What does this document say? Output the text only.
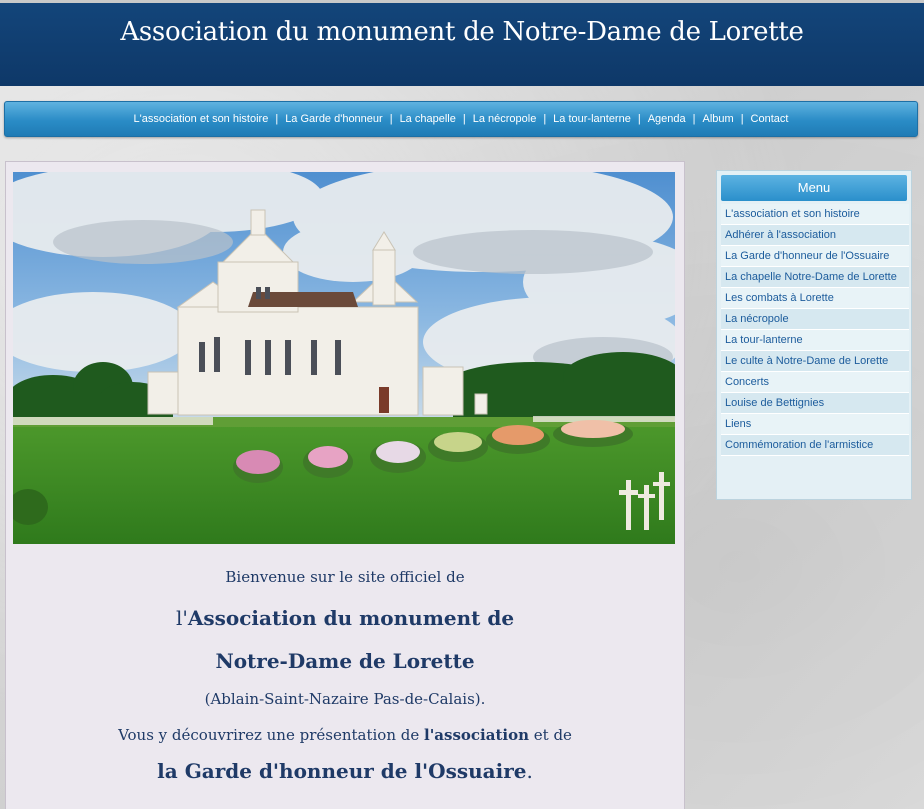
Association du monument de Notre-Dame de Lorette
L'association et son histoire | La Garde d'honneur | La chapelle | La nécropole | La tour-lanterne | Agenda | Album | Contact
Bienvenue sur le site officiel de
l'Association du monument de
Notre-Dame de Lorette
(Ablain-Saint-Nazaire Pas-de-Calais).
Vous y découvrirez une présentation de l'association et de
la Garde d'honneur de l'Ossuaire.
Menu
L'association et son histoire
Adhérer à l'association
La Garde d'honneur de l'Ossuaire
La chapelle Notre-Dame de Lorette
Les combats à Lorette
La nécropole
La tour-lanterne
Le culte à Notre-Dame de Lorette
Concerts
Louise de Bettignies
Liens
Commémoration de l'armistice
